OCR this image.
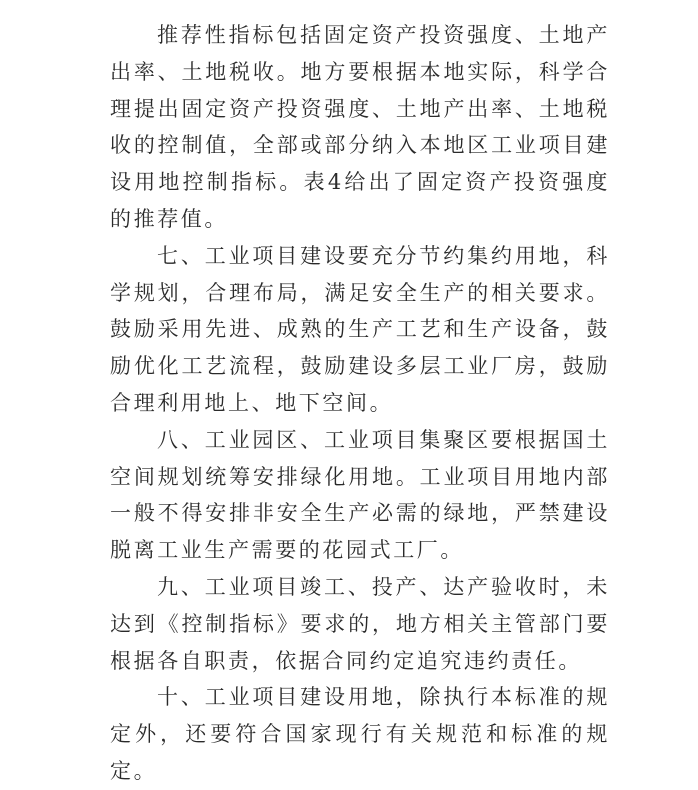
推荐性指标包括固定资产投资强度、土地产出率、土地税收。地方要根据本地实际，科学合理提出固定资产投资强度、土地产出率、土地税收的控制值，全部或部分纳入本地区工业项目建设用地控制指标。表4给出了固定资产投资强度的推荐值。

七、工业项目建设要充分节约集约用地，科学规划，合理布局，满足安全生产的相关要求。鼓励采用先进、成熟的生产工艺和生产设备，鼓励优化工艺流程，鼓励建设多层工业厂房，鼓励合理利用地上、地下空间。

八、工业园区、工业项目集聚区要根据国土空间规划统筹安排绿化用地。工业项目用地内部一般不得安排非安全生产必需的绿地，严禁建设脱离工业生产需要的花园式工厂。

九、工业项目竣工、投产、达产验收时，未达到《控制指标》要求的，地方相关主管部门要根据各自职责，依据合同约定追究违约责任。

十、工业项目建设用地，除执行本标准的规定外，还要符合国家现行有关规范和标准的规定。
